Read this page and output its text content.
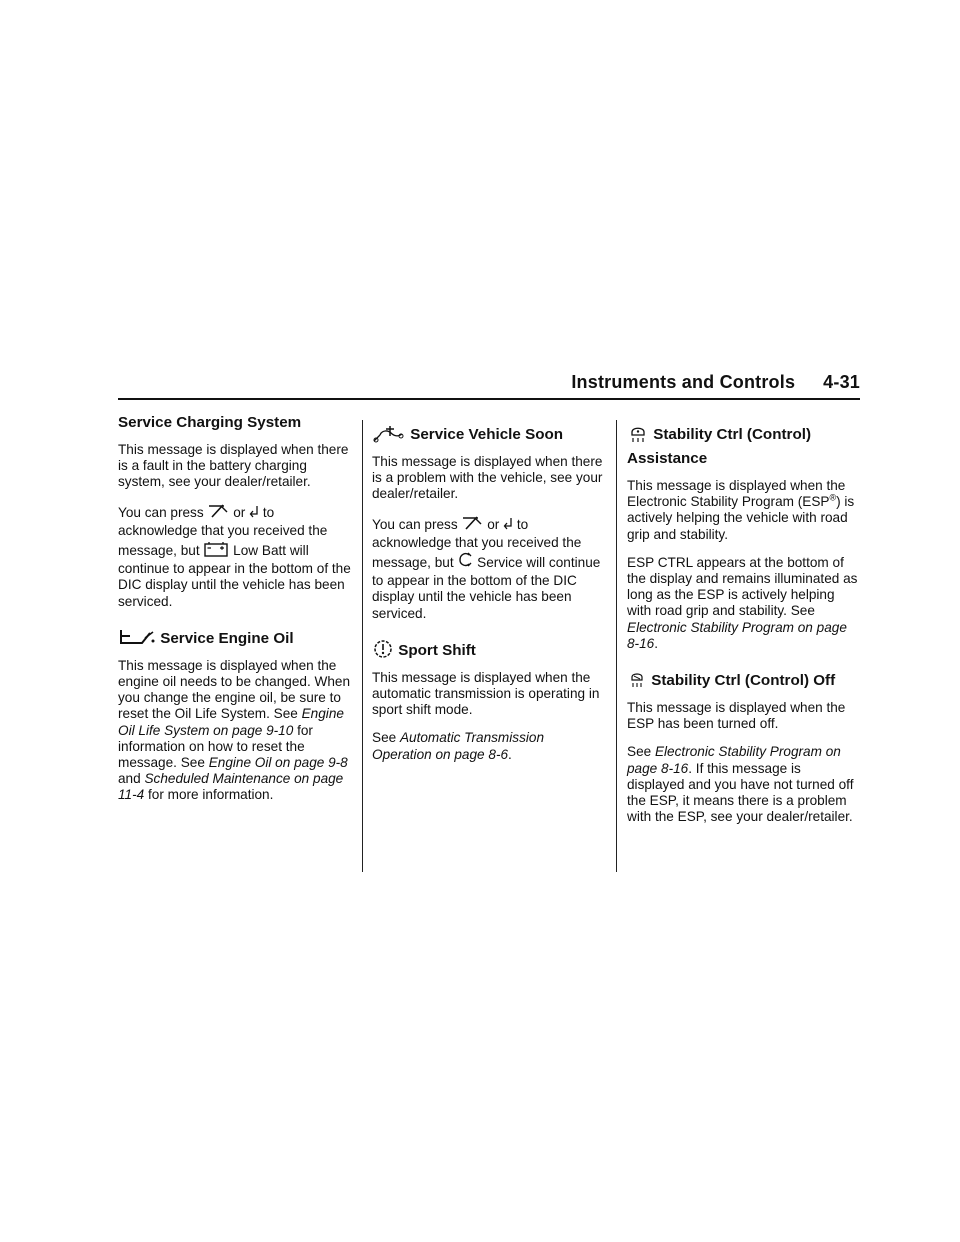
Instruments and Controls 4-31
Service Charging System

This message is displayed when there is a fault in the battery charging system, see your dealer/retailer.

You can press or to acknowledge that you received the message, but Low Batt will continue to appear in the bottom of the DIC display until the vehicle has been serviced.

Service Engine Oil

This message is displayed when the engine oil needs to be changed. When you change the engine oil, be sure to reset the Oil Life System. See Engine Oil Life System on page 9-10 for information on how to reset the message. See Engine Oil on page 9-8 and Scheduled Maintenance on page 11-4 for more information.

Service Vehicle Soon

This message is displayed when there is a problem with the vehicle, see your dealer/retailer.

You can press or to acknowledge that you received the message, but Service will continue to appear in the bottom of the DIC display until the vehicle has been serviced.

Sport Shift

This message is displayed when the automatic transmission is operating in sport shift mode.

See Automatic Transmission Operation on page 8-6.

Stability Ctrl (Control)
Assistance

This message is displayed when the Electronic Stability Program (ESP®) is actively helping the vehicle with road grip and stability.

ESP CTRL appears at the bottom of the display and remains illuminated as long as the ESP is actively helping with road grip and stability. See Electronic Stability Program on page 8-16.

Stability Ctrl (Control) Off

This message is displayed when the ESP has been turned off.

See Electronic Stability Program on page 8-16. If this message is displayed and you have not turned off the ESP, it means there is a problem with the ESP, see your dealer/retailer.
